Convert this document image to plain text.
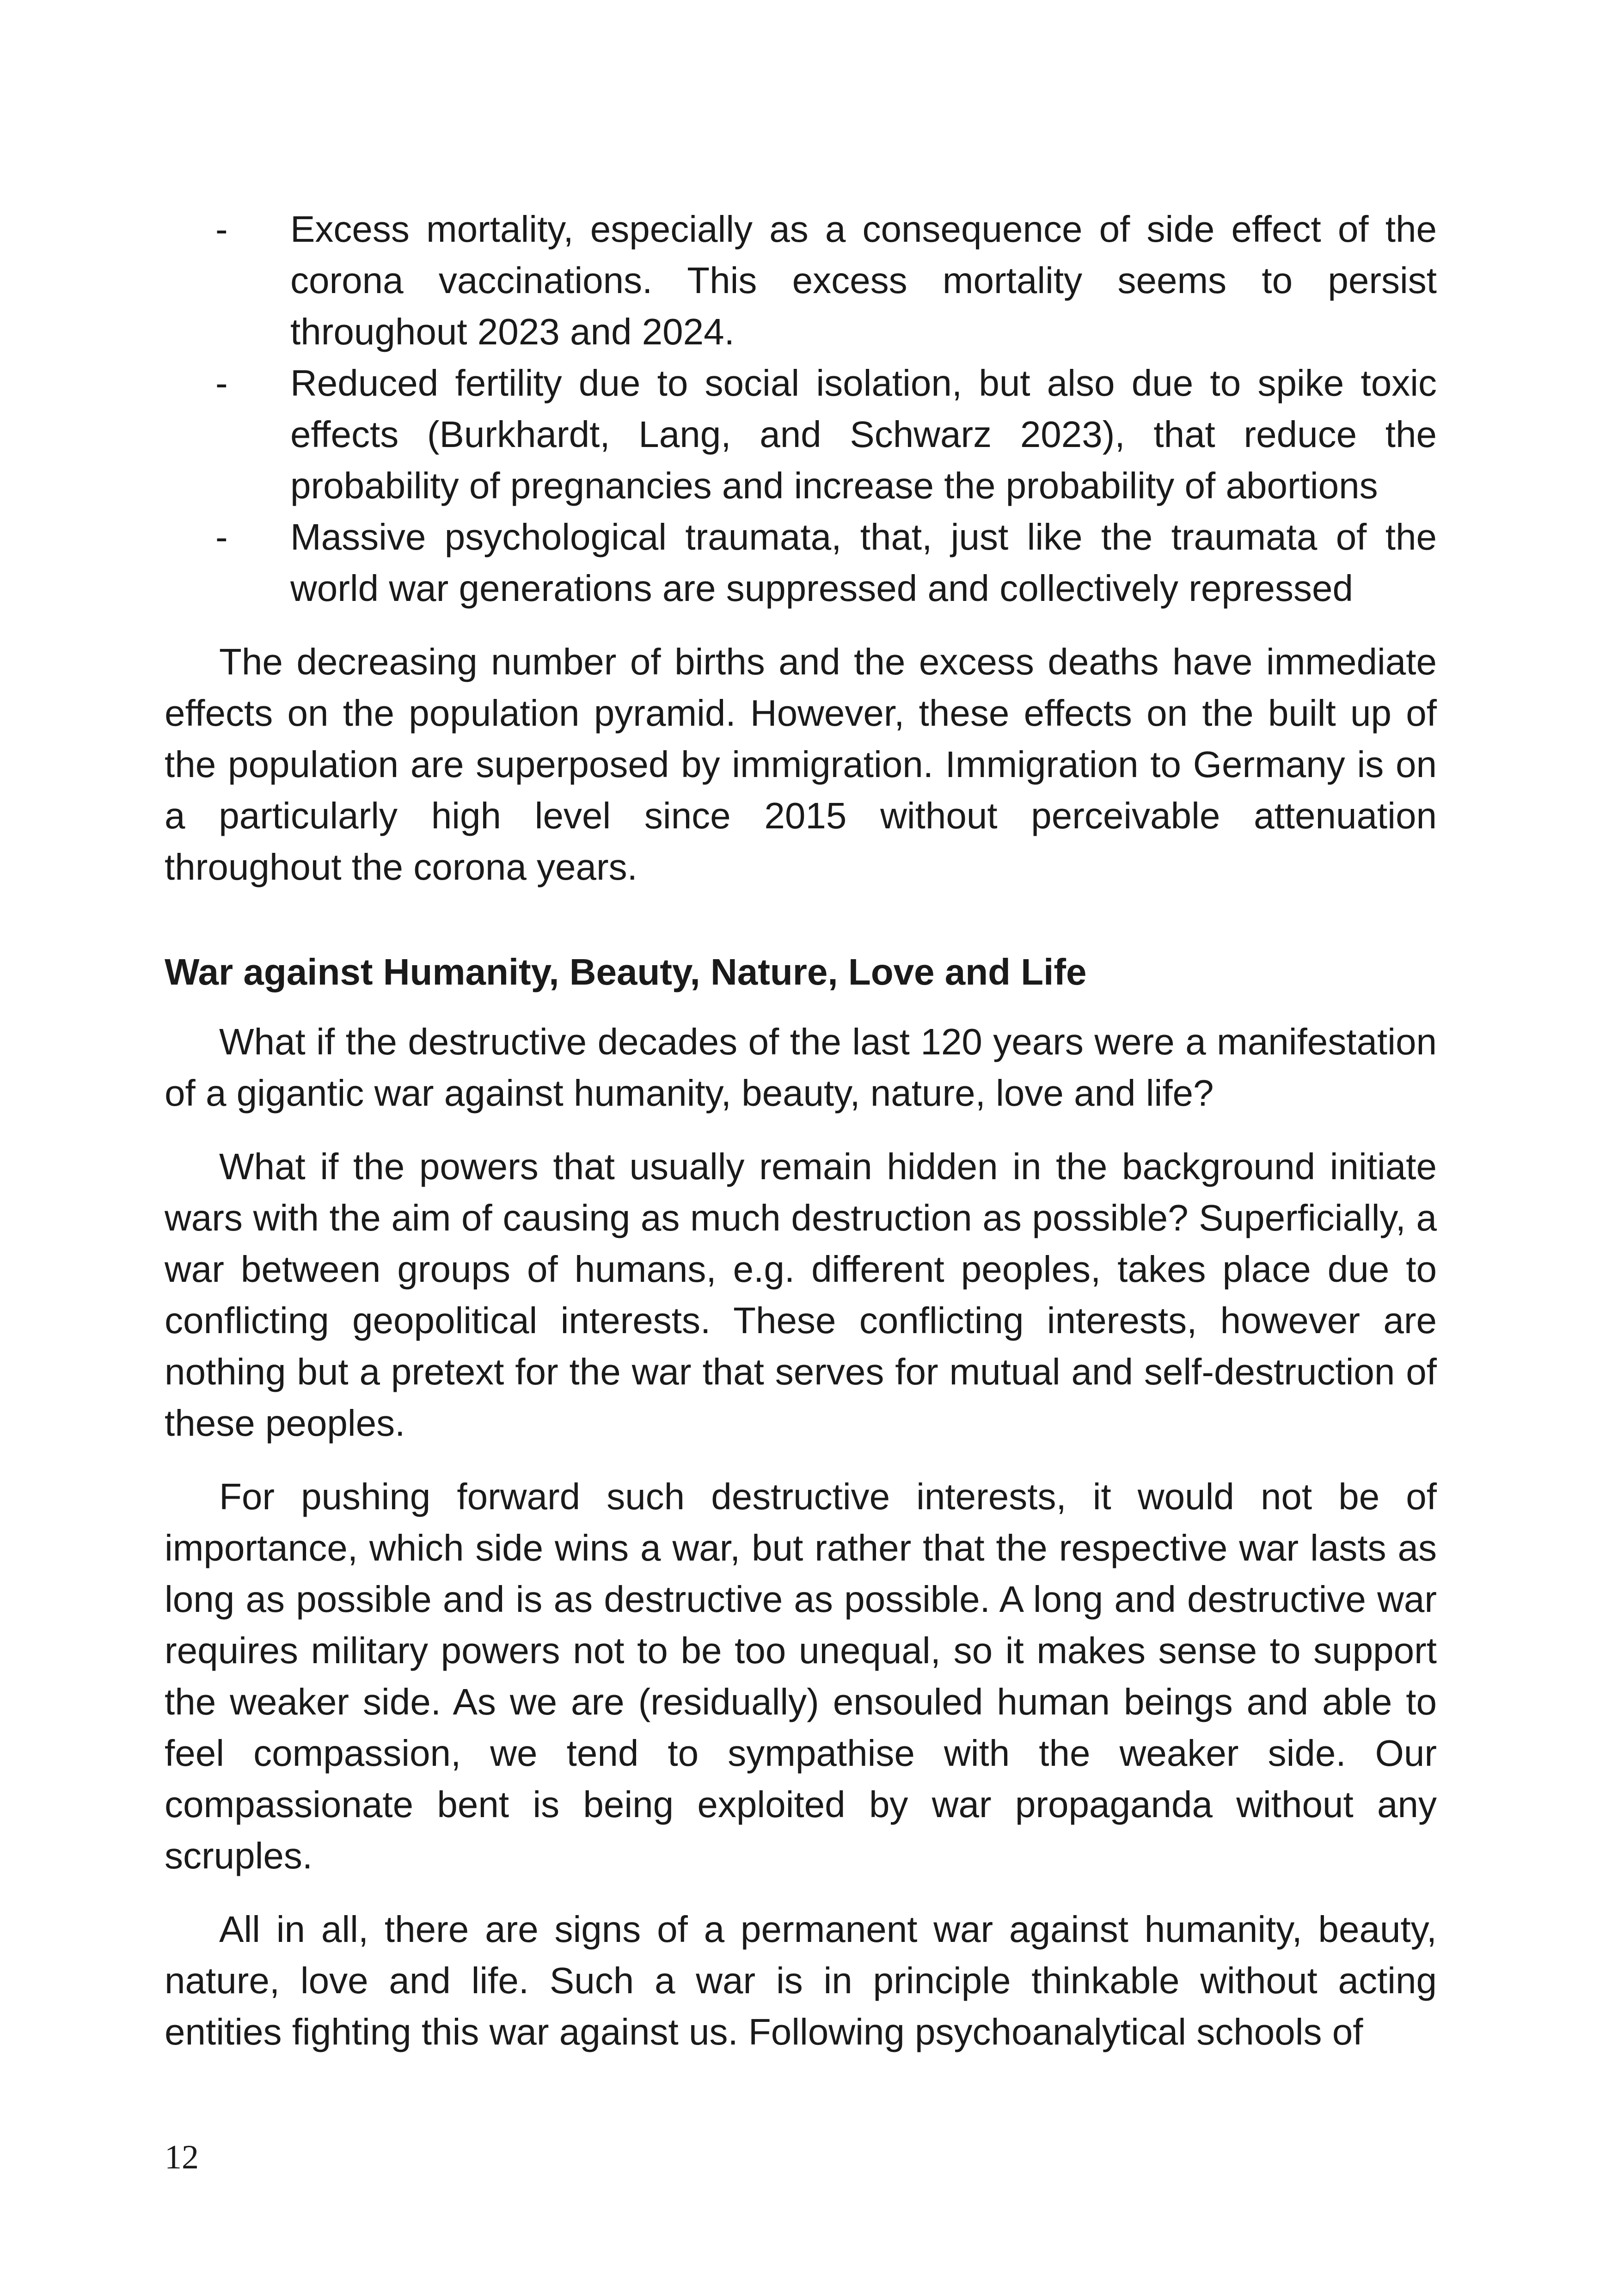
- Excess mortality, especially as a consequence of side effect of the corona vaccinations. This excess mortality seems to persist throughout 2023 and 2024.
- Reduced fertility due to social isolation, but also due to spike toxic effects (Burkhardt, Lang, and Schwarz 2023), that reduce the probability of pregnancies and increase the probability of abortions
- Massive psychological traumata, that, just like the traumata of the world war generations are suppressed and collectively repressed

The decreasing number of births and the excess deaths have immediate effects on the population pyramid. However, these effects on the built up of the population are superposed by immigration. Immigration to Germany is on a particularly high level since 2015 without perceivable attenuation throughout the corona years.

War against Humanity, Beauty, Nature, Love and Life

What if the destructive decades of the last 120 years were a manifestation of a gigantic war against humanity, beauty, nature, love and life?

What if the powers that usually remain hidden in the background initiate wars with the aim of causing as much destruction as possible? Superficially, a war between groups of humans, e.g. different peoples, takes place due to conflicting geopolitical interests. These conflicting interests, however are nothing but a pretext for the war that serves for mutual and self-destruction of these peoples.

For pushing forward such destructive interests, it would not be of importance, which side wins a war, but rather that the respective war lasts as long as possible and is as destructive as possible. A long and destructive war requires military powers not to be too unequal, so it makes sense to support the weaker side. As we are (residually) ensouled human beings and able to feel compassion, we tend to sympathise with the weaker side. Our compassionate bent is being exploited by war propaganda without any scruples.

All in all, there are signs of a permanent war against humanity, beauty, nature, love and life. Such a war is in principle thinkable without acting entities fighting this war against us. Following psychoanalytical schools of

12
